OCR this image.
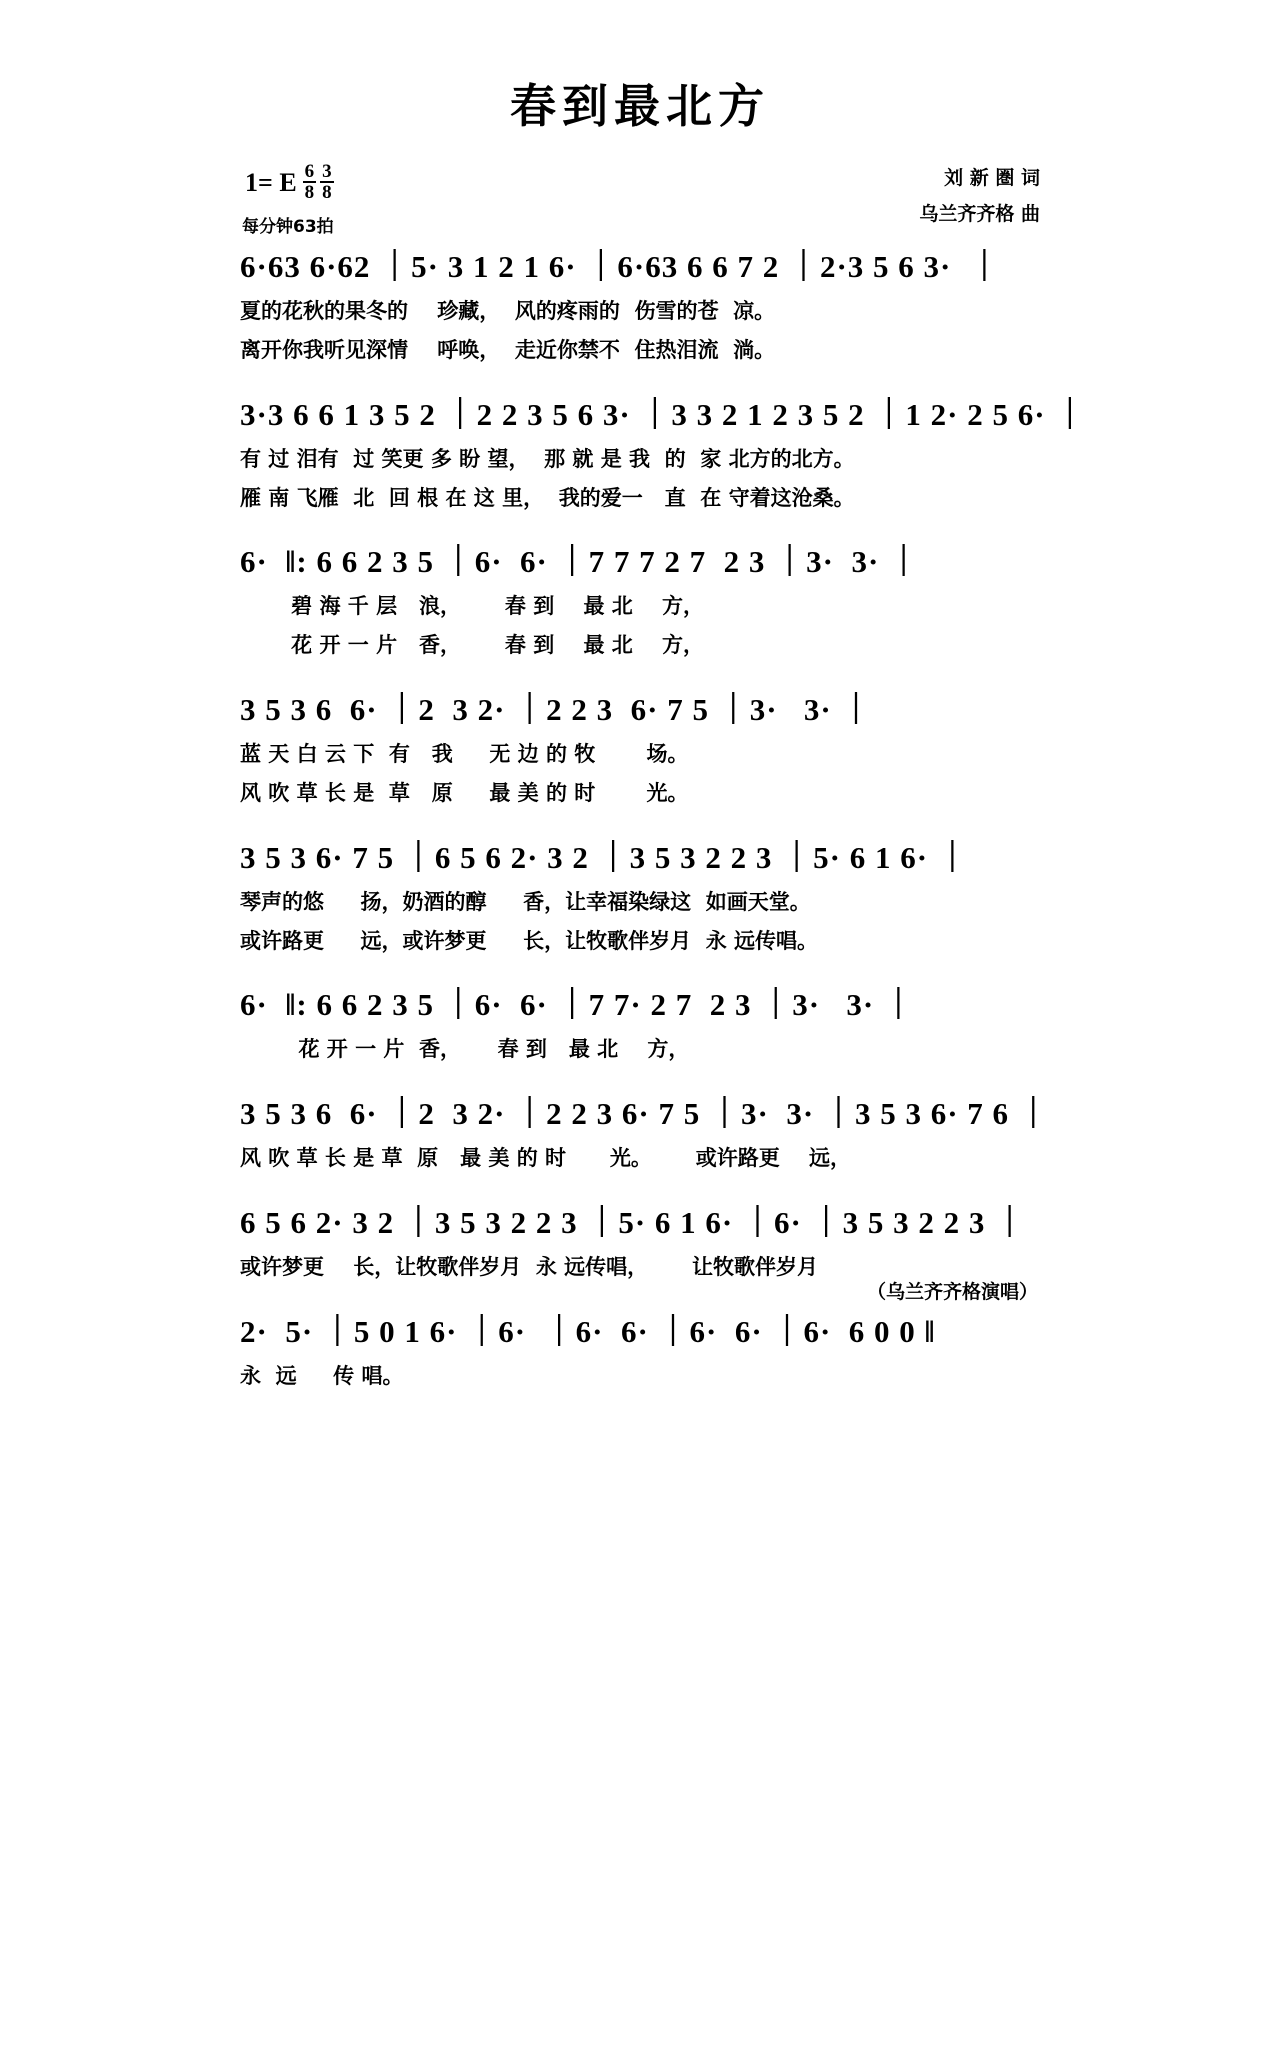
春到最北方
1= E $\frac{6}{8} \frac{3}{8}$
每分钟63拍
刘 新 圏 词
乌兰齐齐格 曲
6·63 6·62 ｜5· 3 1 2 1 6· ｜6·63 6 6 7 2 ｜2·3 5 6 3·  ｜
夏的花秋的果冬的    珍藏，  风的疼雨的  伤雪的苍  凉。
离开你我听见深情    呼唤，  走近你禁不  住热泪流  淌。
3·3 6 6 1 3 5 2 ｜2 2 3 5 6 3· ｜3 3 2 1 2 3 5 2 ｜1 2· 2 5 6· ｜
有 过 泪有  过 笑更 多 盼 望，  那 就 是 我  的  家 北方的北方。
雁 南 飞雁  北  回 根 在 这 里，  我的爱一   直  在 守着这沧桑。
6·  ‖: 6 6 2 3 5 ｜6·  6· ｜7 7 7 2 7  2 3 ｜3·  3· ｜
碧 海 千 层   浪，      春 到    最 北    方，
花 开 一 片   香，      春 到    最 北    方，
3 5 3 6  6· ｜2  3 2· ｜2 2 3  6· 7 5 ｜3·   3· ｜
蓝 天 白 云 下  有   我     无 边 的 牧       场。
风 吹 草 长 是  草   原     最 美 的 时       光。
3 5 3 6· 7 5 ｜6 5 6 2· 3 2 ｜3 5 3 2 2 3 ｜5· 6 1 6· ｜
琴声的悠     扬，奶酒的醇     香，让幸福染绿这  如画天堂。
或许路更     远，或许梦更     长，让牧歌伴岁月  永 远传唱。
6·  ‖: 6 6 2 3 5 ｜6·  6· ｜7 7· 2 7  2 3 ｜3·   3· ｜
花 开 一 片  香，     春 到   最 北    方，
3 5 3 6  6· ｜2  3 2· ｜2 2 3 6· 7 5 ｜3·  3· ｜3 5 3 6· 7 6 ｜
风 吹 草 长 是 草  原   最 美 的 时      光。      或许路更    远，
6 5 6 2· 3 2 ｜3 5 3 2 2 3 ｜5· 6 1 6· ｜6· ｜3 5 3 2 2 3 ｜
或许梦更    长，让牧歌伴岁月  永 远传唱，      让牧歌伴岁月
2·  5· ｜5 0 1 6· ｜6·  ｜6·  6· ｜6·  6· ｜6·  6 0 0 ‖
永  远     传 唱。
（乌兰齐齐格演唱）
